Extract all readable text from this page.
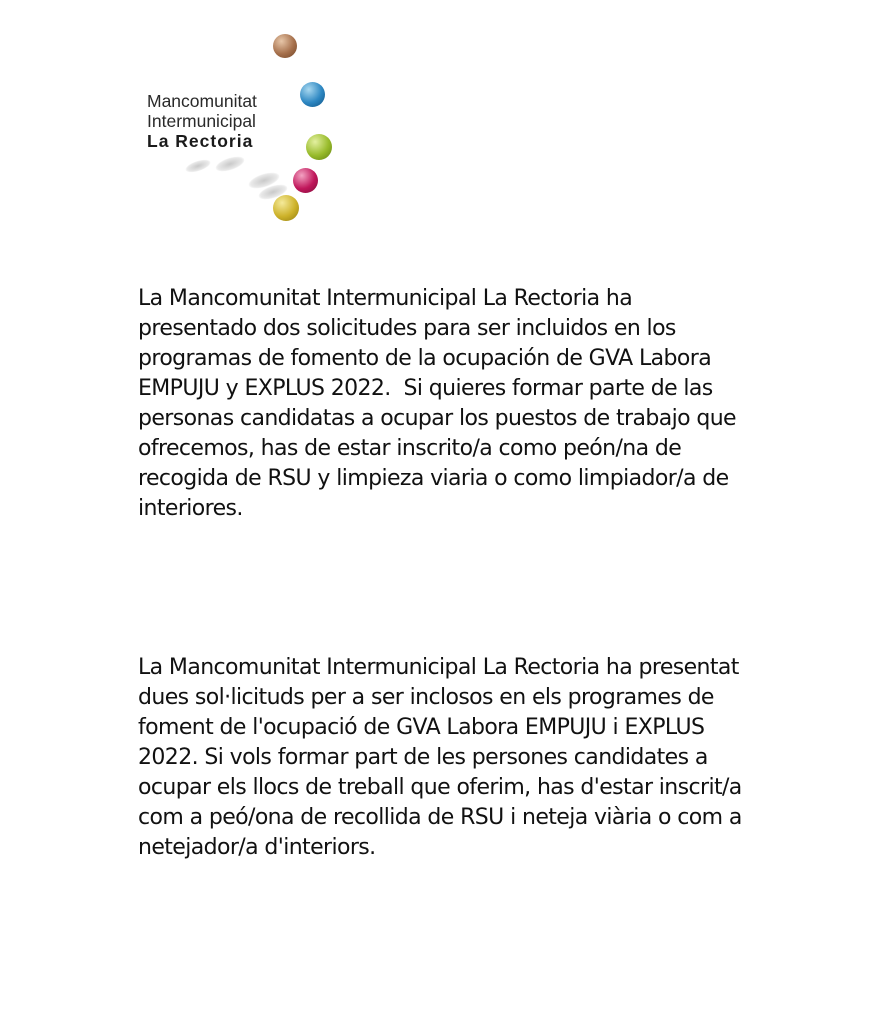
Mancomunitat
Intermunicipal
La Rectoria

La Mancomunitat Intermunicipal La Rectoria ha
presentado dos solicitudes para ser incluidos en los
programas de fomento de la ocupación de GVA Labora
EMPUJU y EXPLUS 2022.  Si quieres formar parte de las
personas candidatas a ocupar los puestos de trabajo que
ofrecemos, has de estar inscrito/a como peón/na de
recogida de RSU y limpieza viaria o como limpiador/a de
interiores.

La Mancomunitat Intermunicipal La Rectoria ha presentat
dues sol·licituds per a ser inclosos en els programes de
foment de l'ocupació de GVA Labora EMPUJU i EXPLUS
2022. Si vols formar part de les persones candidates a
ocupar els llocs de treball que oferim, has d'estar inscrit/a
com a peó/ona de recollida de RSU i neteja viària o com a
netejador/a d'interiors.
